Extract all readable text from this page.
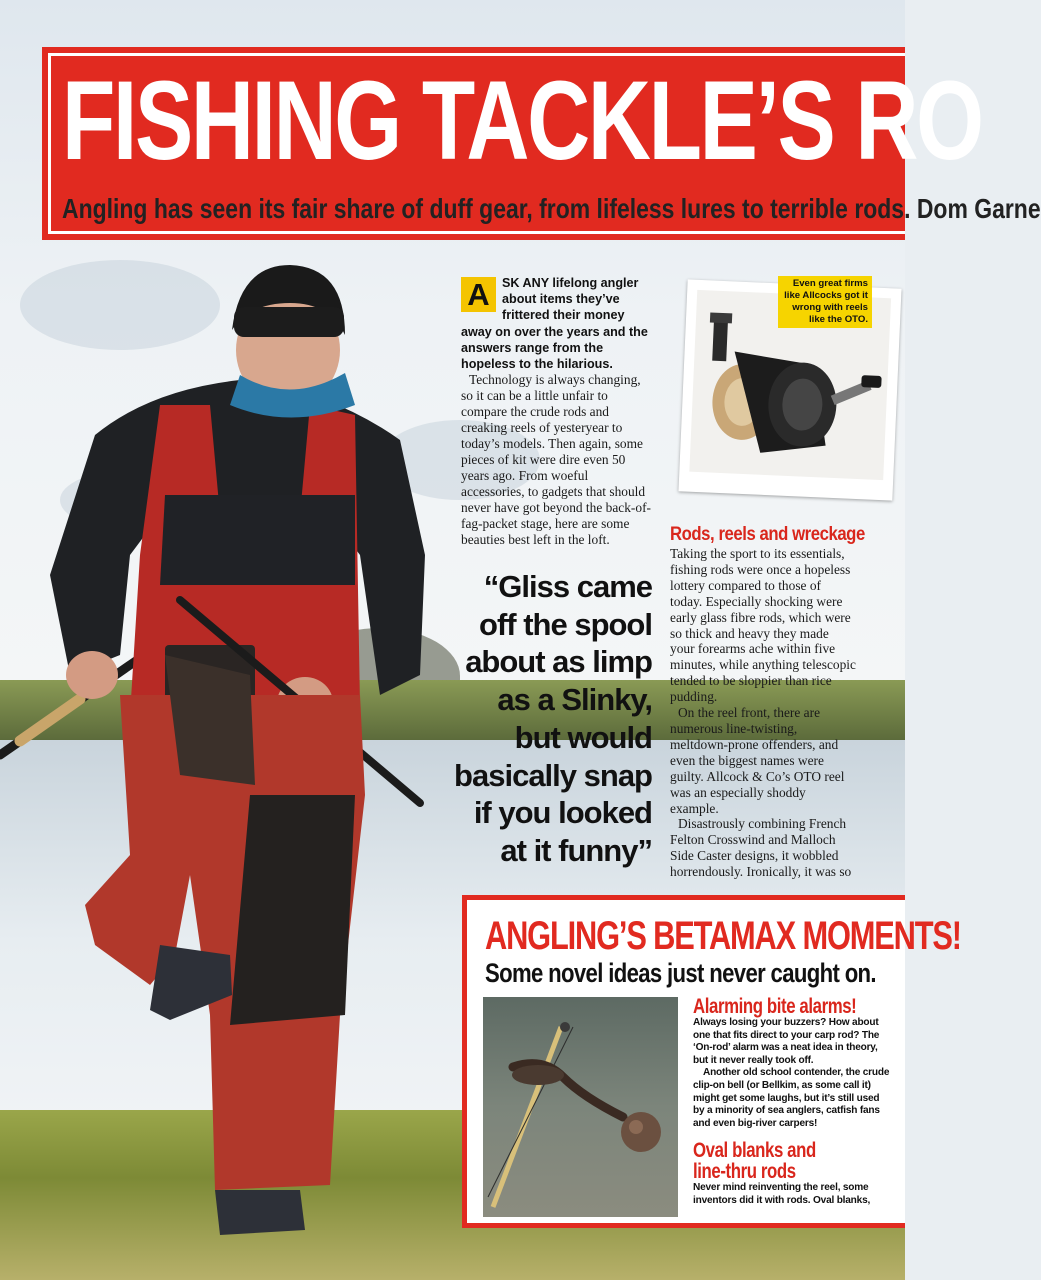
FISHING TACKLE’S RO
Angling has seen its fair share of duff gear, from lifeless lures to terrible rods. Dom Garne
A SK ANY lifelong angler about items they’ve frittered their money away on over the years and the answers range from the hopeless to the hilarious.

Technology is always changing, so it can be a little unfair to compare the crude rods and creaking reels of yesteryear to today’s models. Then again, some pieces of kit were dire even 50 years ago. From woeful accessories, to gadgets that should never have got beyond the back-of-fag-packet stage, here are some beauties best left in the loft.

“Gliss came
off the spool
about as limp
as a Slinky,
but would
basically snap
if you looked
at it funny”
Even great firms like Allcocks got it wrong with reels like the OTO.
Rods, reels and wreckage

Taking the sport to its essentials, fishing rods were once a hopeless lottery compared to those of today. Especially shocking were early glass fibre rods, which were so thick and heavy they made your forearms ache within five minutes, while anything telescopic tended to be sloppier than rice pudding.

On the reel front, there are numerous line-twisting, meltdown-prone offenders, and even the biggest names were guilty. Allcock & Co’s OTO reel was an especially shoddy example.

Disastrously combining French Felton Crosswind and Malloch Side Caster designs, it wobbled horrendously. Ironically, it was so

ANGLING’S BETAMAX MOMENTS!
Some novel ideas just never caught on.
Alarming bite alarms!

Always losing your buzzers? How about one that fits direct to your carp rod? The ‘On-rod’ alarm was a neat idea in theory, but it never really took off.

Another old school contender, the crude clip-on bell (or Bellkim, as some call it) might get some laughs, but it’s still used by a minority of sea anglers, catfish fans and even big-river carpers!

Oval blanks and
line-thru rods

Never mind reinventing the reel, some inventors did it with rods. Oval blanks,
